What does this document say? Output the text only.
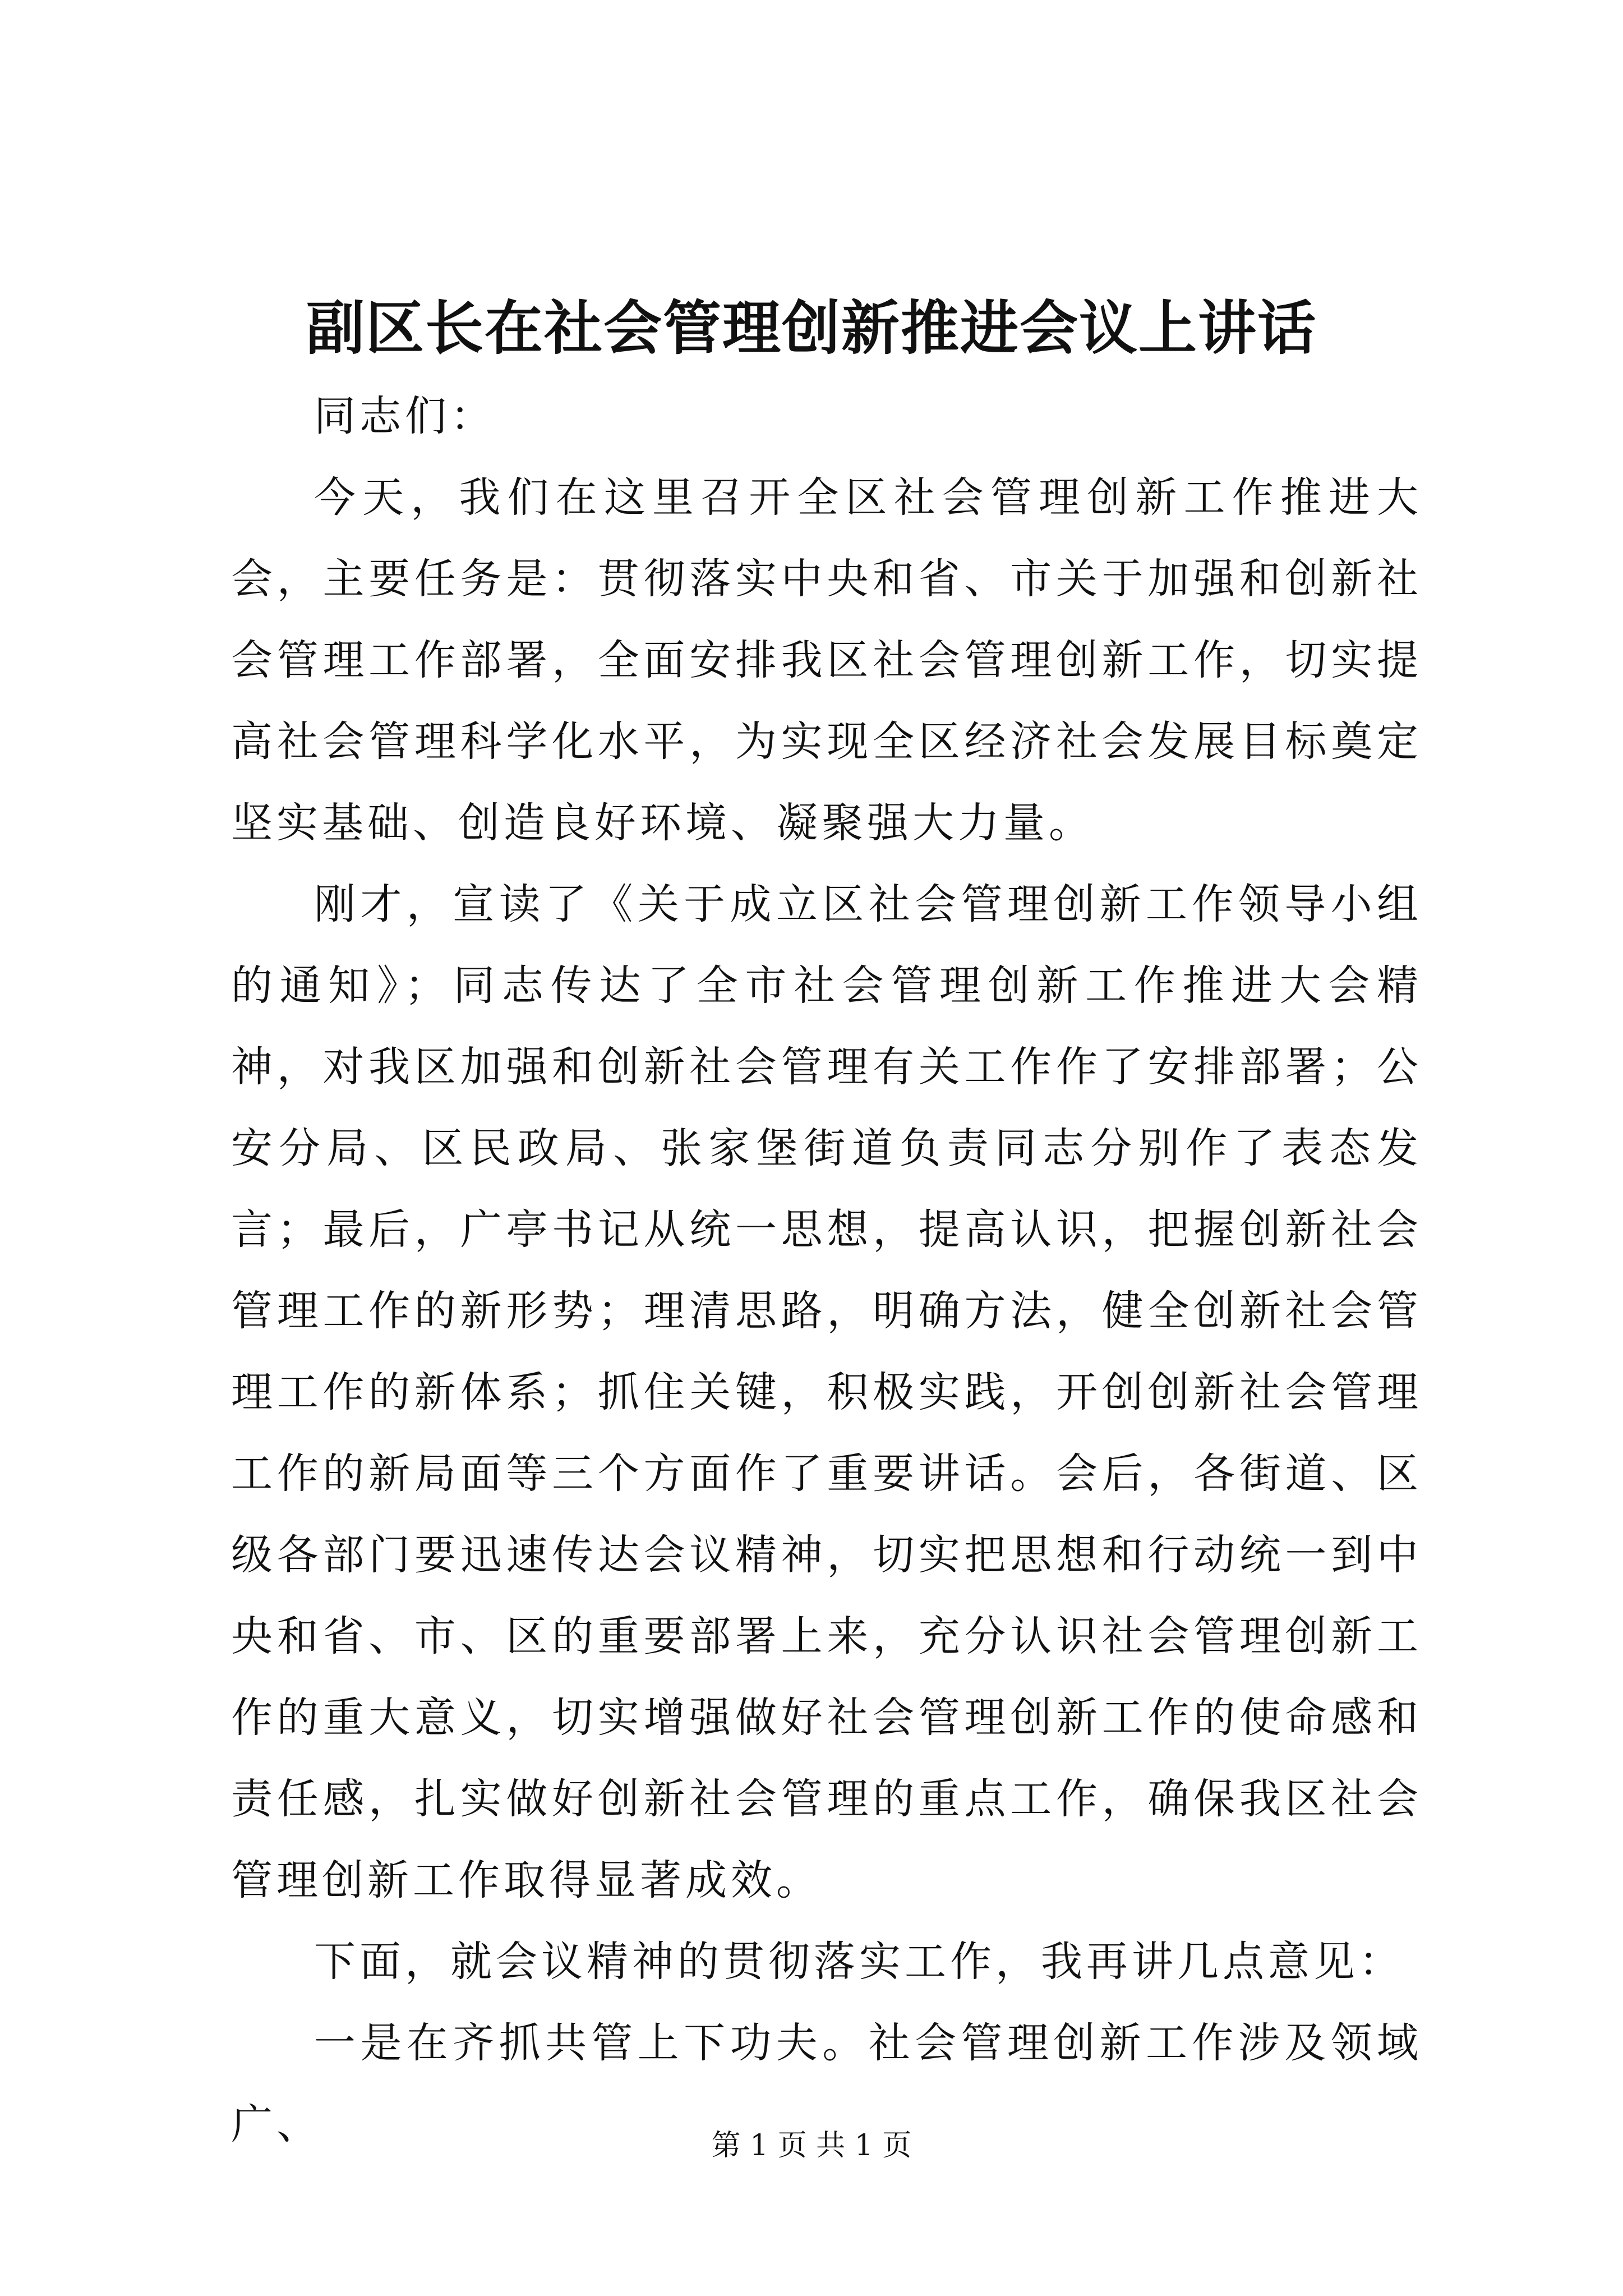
副区长在社会管理创新推进会议上讲话

同志们：

今天，我们在这里召开全区社会管理创新工作推进大会，主要任务是：贯彻落实中央和省、市关于加强和创新社会管理工作部署，全面安排我区社会管理创新工作，切实提高社会管理科学化水平，为实现全区经济社会发展目标奠定坚实基础、创造良好环境、凝聚强大力量。

刚才，宣读了《关于成立区社会管理创新工作领导小组的通知》；同志传达了全市社会管理创新工作推进大会精神，对我区加强和创新社会管理有关工作作了安排部署；公安分局、区民政局、张家堡街道负责同志分别作了表态发言；最后，广亭书记从统一思想，提高认识，把握创新社会管理工作的新形势；理清思路，明确方法，健全创新社会管理工作的新体系；抓住关键，积极实践，开创创新社会管理工作的新局面等三个方面作了重要讲话。会后，各街道、区级各部门要迅速传达会议精神，切实把思想和行动统一到中央和省、市、区的重要部署上来，充分认识社会管理创新工作的重大意义，切实增强做好社会管理创新工作的使命感和责任感，扎实做好创新社会管理的重点工作，确保我区社会管理创新工作取得显著成效。

下面，就会议精神的贯彻落实工作，我再讲几点意见：

一是在齐抓共管上下功夫。社会管理创新工作涉及领域广、	第 1 页 共 1 页
